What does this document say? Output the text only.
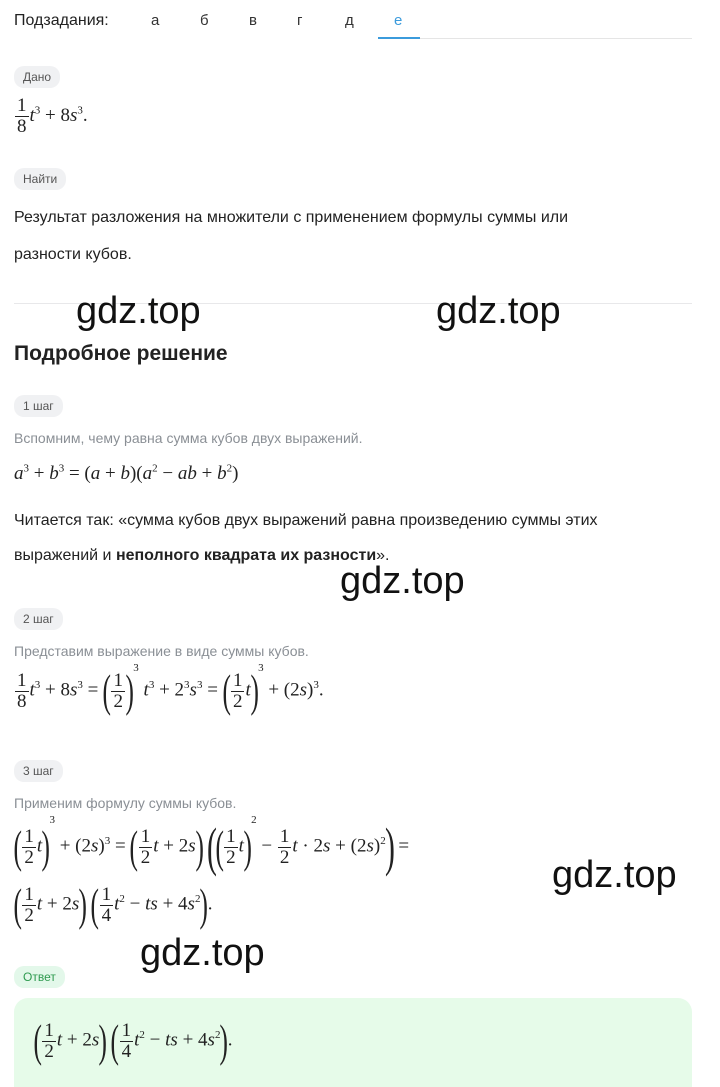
Подзадания:	а	б	в	г	д	е
Дано
$\frac{1}{8} t^3 + 8s^3$.
Найти
Результат разложения на множители с применением формулы суммы или
разности кубов.
gdz.top	gdz.top
gdz.top
gdz.top
gdz.top
Подробное решение
1 шаг
Вспомним, чему равна сумма кубов двух выражений.
$a^3 + b^3 = (a + b)(a^2$ − ab + $b^2$)
Читается так: «сумма кубов двух выражений равна произведению суммы этих
выражений и неполного квадрата их разности».
2 шаг
Представим выражение в виде суммы кубов.
$\frac{1}{8} t^3 + 8s^3$ = ( $\frac{1}{2} )3$ $t^3 + 2^3s^3$ = ( $\frac{1}{2} t)3 + (2s)^3$.
3 шаг
Применим формулу суммы кубов.
( $\frac{1}{2} t)3 + (2s)^3$ = ( $\frac{1}{2}$ t + 2s) (( $\frac{1}{2} t)2 - \frac{1}{2}$ $t \cdot 2s + (2s)^2$) =
( $\frac{1}{2}$ t + 2s) ( $\frac{1}{4} t^2$ − ts + $4s^2$).
Ответ
( $\frac{1}{2}$ t + 2s) ( $\frac{1}{4} t^2$ − ts + $4s^2$).
